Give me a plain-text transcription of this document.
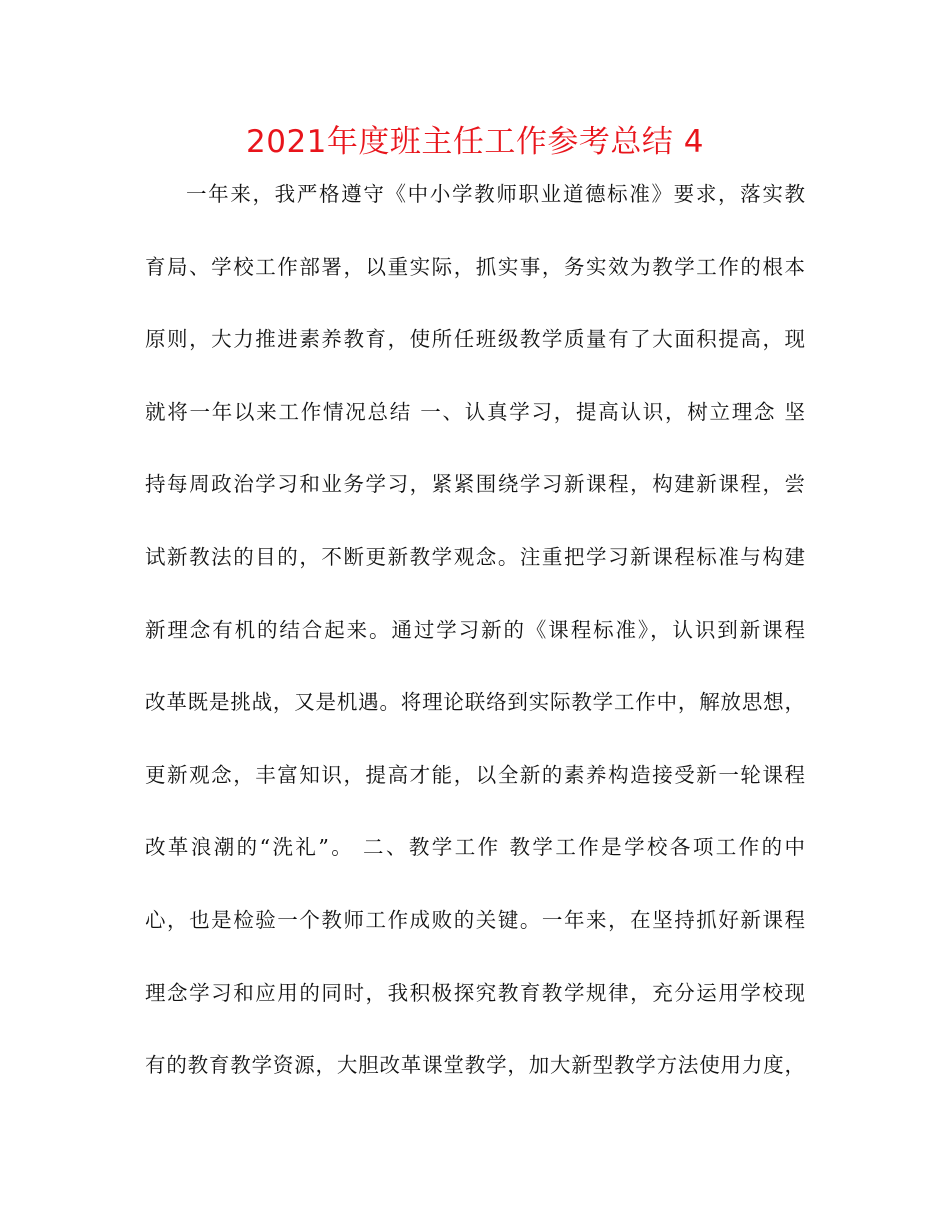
2021年度班主任工作参考总结 4
一年来，我严格遵守《中小学教师职业道德标准》要求，落实教
育局、学校工作部署，以重实际，抓实事，务实效为教学工作的根本
原则，大力推进素养教育，使所任班级教学质量有了大面积提高，现
就将一年以来工作情况总结 一、认真学习，提高认识，树立理念 坚
持每周政治学习和业务学习，紧紧围绕学习新课程，构建新课程，尝
试新教法的目的，不断更新教学观念。注重把学习新课程标准与构建
新理念有机的结合起来。通过学习新的《课程标准》，认识到新课程
改革既是挑战，又是机遇。将理论联络到实际教学工作中，解放思想，
更新观念，丰富知识，提高才能，以全新的素养构造接受新一轮课程
改革浪潮的“洗礼”。 二、教学工作 教学工作是学校各项工作的中
心，也是检验一个教师工作成败的关键。一年来，在坚持抓好新课程
理念学习和应用的同时，我积极探究教育教学规律，充分运用学校现
有的教育教学资源，大胆改革课堂教学，加大新型教学方法使用力度，
